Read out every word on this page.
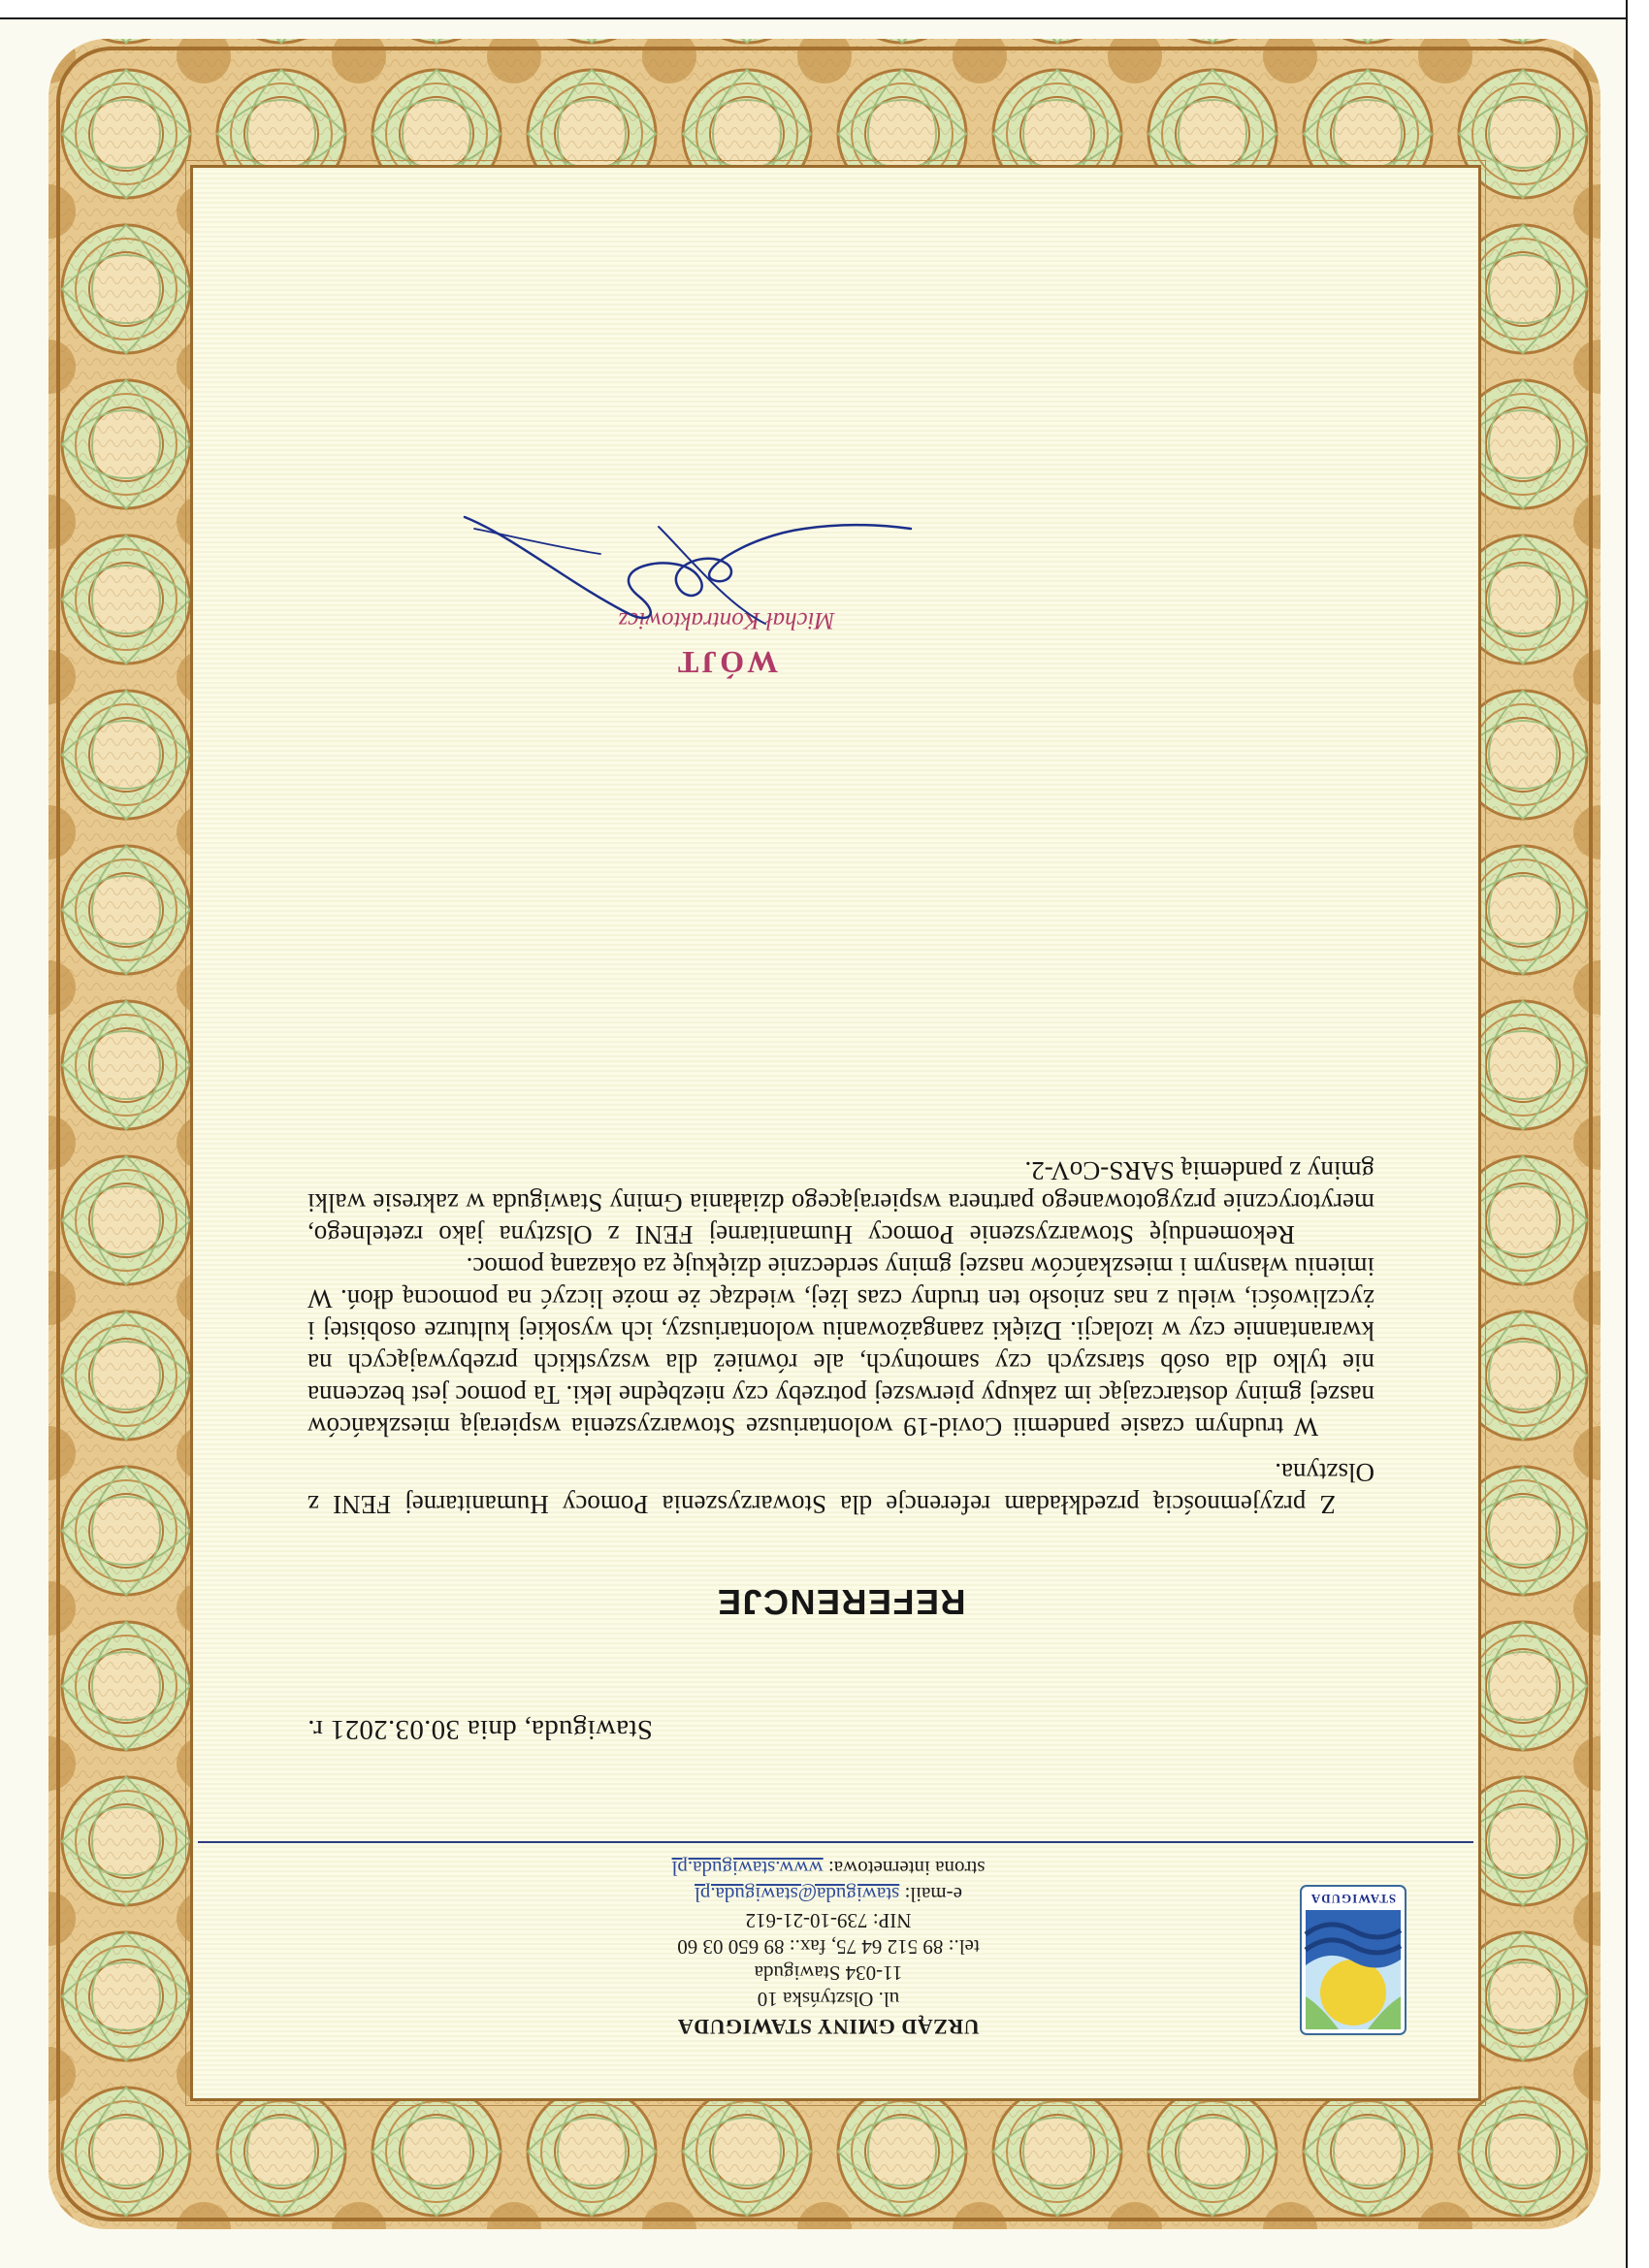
STAWIGUDA
URZĄD GMINY STAWIGUDA
ul. Olsztyńska 10
11-034 Stawiguda
tel.: 89 512 64 75, fax.: 89 650 03 60
NIP: 739-10-21-612
e-mail: stawiguda@stawiguda.pl
strona internetowa: www.stawiguda.pl
Stawiguda, dnia 30.03.2021 r.
REFERENCJE

Z przyjemnością przedkładam referencje dla Stowarzyszenia Pomocy Humanitarnej FENI z Olsztyna.

W trudnym czasie pandemii Covid-19 wolontariusze Stowarzyszenia wspierają mieszkańców naszej gminy dostarczając im zakupy pierwszej potrzeby czy niezbędne leki. Ta pomoc jest bezcenna nie tylko dla osób starszych czy samotnych, ale również dla wszystkich przebywających na kwarantannie czy w izolacji. Dzięki zaangażowaniu wolontariuszy, ich wysokiej kulturze osobistej i życzliwości, wielu z nas zniosło ten trudny czas lżej, wiedząc że może liczyć na pomocną dłoń. W imieniu własnym i mieszkańców naszej gminy serdecznie dziękuję za okazaną pomoc.

Rekomenduję Stowarzyszenie Pomocy Humanitarnej FENI z Olsztyna jako rzetelnego, merytorycznie przygotowanego partnera wspierającego działania Gminy Stawiguda w zakresie walki gminy z pandemią SARS-CoV-2.

WÓJT
Michał Kontraktowicz
